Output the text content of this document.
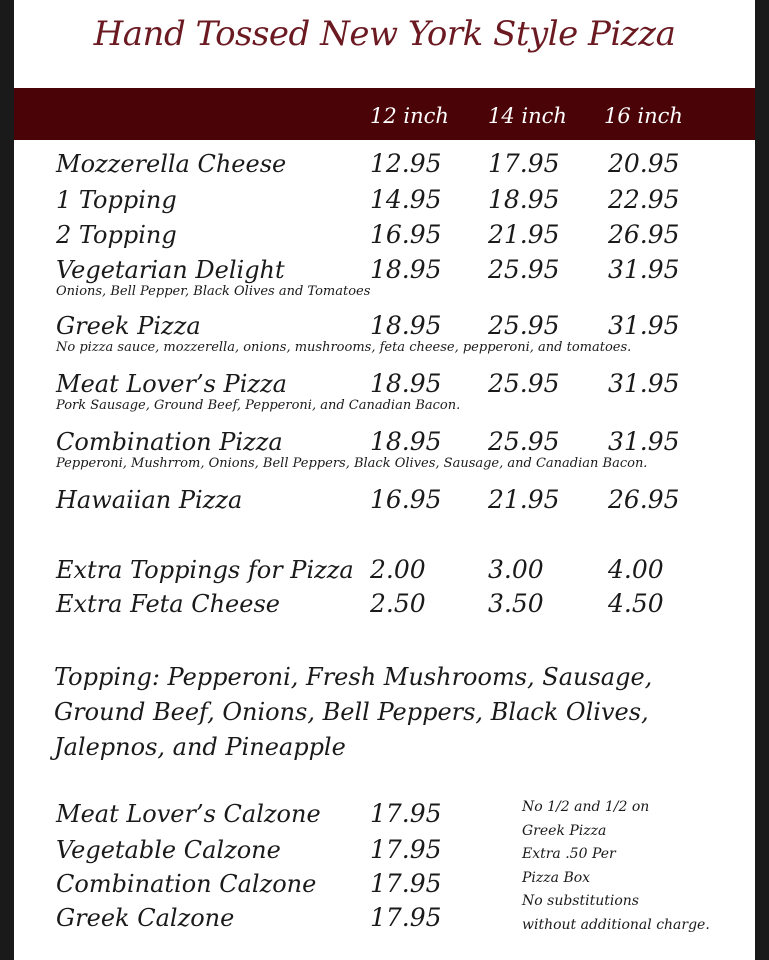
Hand Tossed New York Style Pizza
12 inch 14 inch 16 inch
Mozzerella Cheese	12.95 17.95 20.95
1 Topping	14.95 18.95 22.95
2 Topping	16.95 21.95 26.95
Vegetarian Delight	18.95 25.95 31.95
Onions, Bell Pepper, Black Olives and Tomatoes
Greek Pizza	18.95 25.95 31.95
No pizza sauce, mozzerella, onions, mushrooms, feta cheese, pepperoni, and tomatoes.
Meat Lover’s Pizza	18.95 25.95 31.95
Pork Sausage, Ground Beef, Pepperoni, and Canadian Bacon.
Combination Pizza	18.95 25.95 31.95
Pepperoni, Mushrrom, Onions, Bell Peppers, Black Olives, Sausage, and Canadian Bacon.
Hawaiian Pizza	16.95 21.95 26.95
Extra Toppings for Pizza 2.00 3.00	4.00
Extra Feta Cheese	2.50 3.50	4.50
Topping: Pepperoni, Fresh Mushrooms, Sausage, Ground Beef, Onions, Bell Peppers, Black Olives, Jalepnos, and Pineapple
Meat Lover’s Calzone 17.95
Vegetable Calzone	17.95
Combination Calzone 17.95
Greek Calzone	17.95
No 1/2 and 1/2 on
Greek Pizza
Extra .50 Per
Pizza Box
No substitutions
without additional charge.
